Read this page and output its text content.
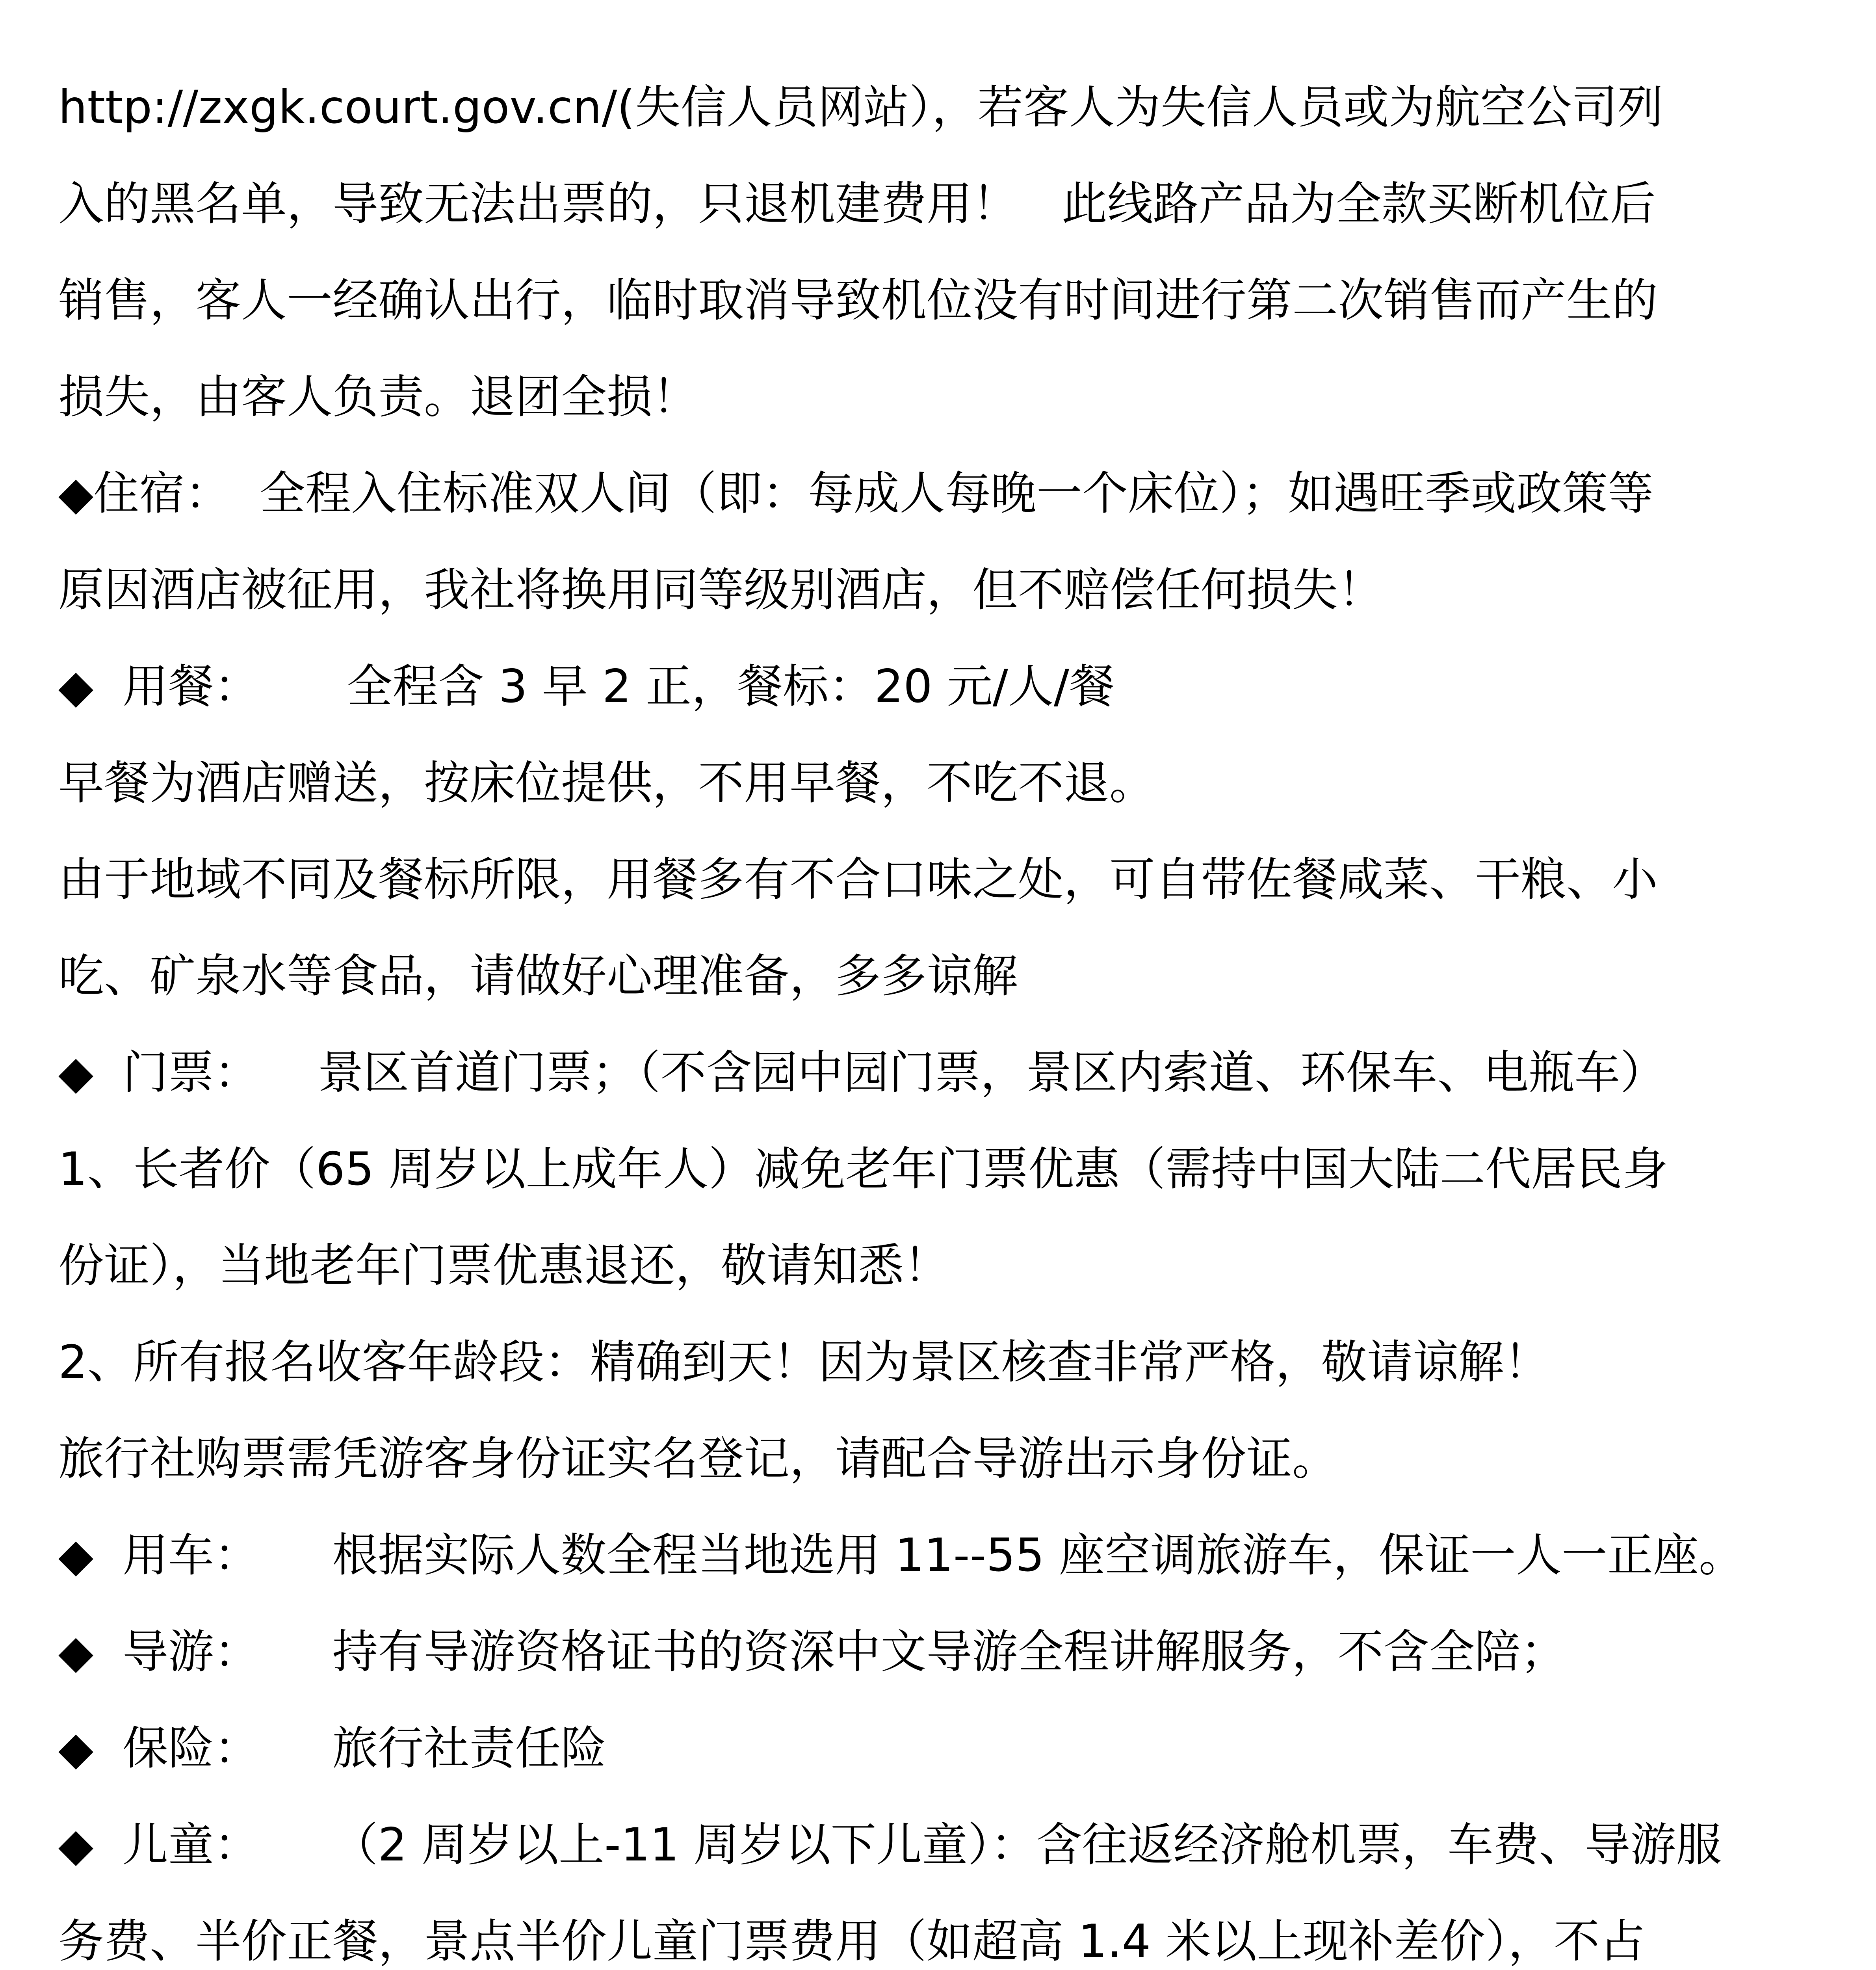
http://zxgk.court.gov.cn/(失信人员网站），若客人为失信人员或为航空公司列
入的黑名单，导致无法出票的，只退机建费用！   此线路产品为全款买断机位后
销售，客人一经确认出行，临时取消导致机位没有时间进行第二次销售而产生的
损失，由客人负责。退团全损！
◆住宿：  全程入住标准双人间（即：每成人每晚一个床位）；如遇旺季或政策等
原因酒店被征用，我社将换用同等级别酒店，但不赔偿任何损失！
◆  用餐：      全程含 3 早 2 正，餐标：20 元/人/餐
早餐为酒店赠送，按床位提供，不用早餐，不吃不退。
由于地域不同及餐标所限，用餐多有不合口味之处，可自带佐餐咸菜、干粮、小
吃、矿泉水等食品，请做好心理准备，多多谅解
◆  门票：    景区首道门票；（不含园中园门票，景区内索道、环保车、电瓶车）
1、长者价（65 周岁以上成年人）减免老年门票优惠（需持中国大陆二代居民身
份证），当地老年门票优惠退还，敬请知悉！
2、所有报名收客年龄段：精确到天！因为景区核查非常严格，敬请谅解！
旅行社购票需凭游客身份证实名登记，请配合导游出示身份证。
◆  用车：     根据实际人数全程当地选用 11--55 座空调旅游车，保证一人一正座。
◆  导游：     持有导游资格证书的资深中文导游全程讲解服务，不含全陪；
◆  保险：     旅行社责任险
◆  儿童：     （2 周岁以上-11 周岁以下儿童）：含往返经济舱机票，车费、导游服
务费、半价正餐，景点半价儿童门票费用（如超高 1.4 米以上现补差价），不占
